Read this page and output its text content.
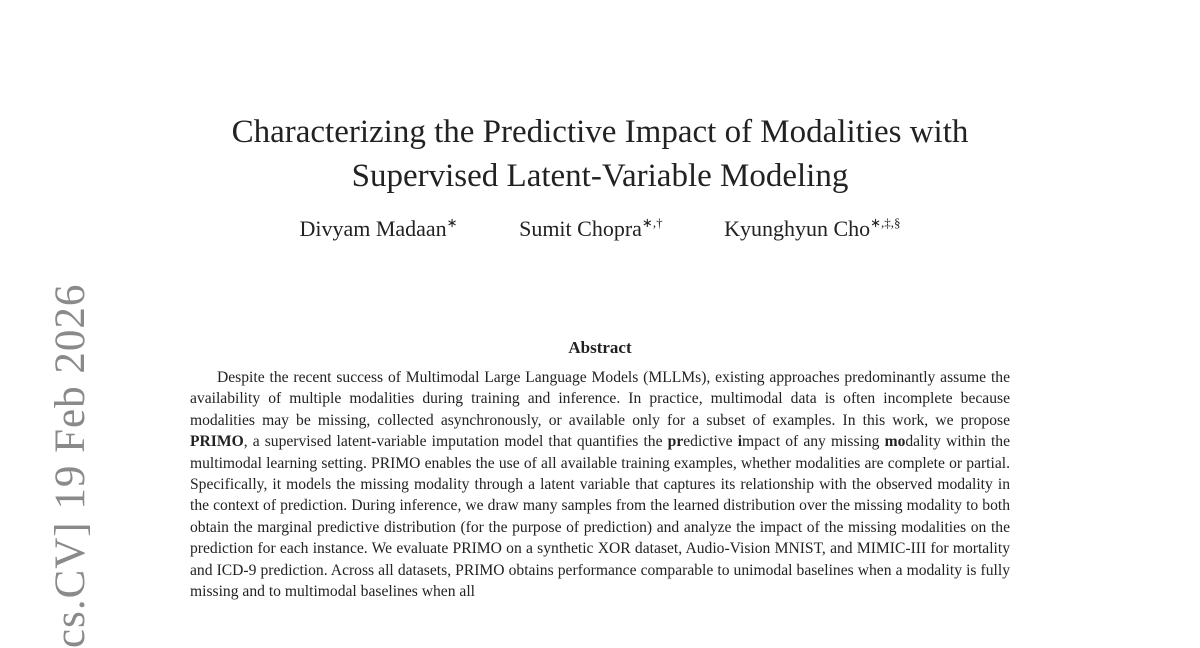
cs.CV] 19 Feb 2026
Characterizing the Predictive Impact of Modalities with
Supervised Latent-Variable Modeling
Divyam Madaan∗	Sumit Chopra∗,†	Kyunghyun Cho∗,‡,§
Abstract
Despite the recent success of Multimodal Large Language Models (MLLMs), existing approaches predominantly assume the availability of multiple modalities during training and inference. In practice, multimodal data is often incomplete because modalities may be missing, collected asynchronously, or available only for a subset of examples. In this work, we propose PRIMO, a supervised latent-variable imputation model that quantifies the predictive impact of any missing modality within the multimodal learning setting. PRIMO enables the use of all available training examples, whether modalities are complete or partial. Specifically, it models the missing modality through a latent variable that captures its relationship with the observed modality in the context of prediction. During inference, we draw many samples from the learned distribution over the missing modality to both obtain the marginal predictive distribution (for the purpose of prediction) and analyze the impact of the missing modalities on the prediction for each instance. We evaluate PRIMO on a synthetic XOR dataset, Audio-Vision MNIST, and MIMIC-III for mortality and ICD-9 prediction. Across all datasets, PRIMO obtains performance comparable to unimodal baselines when a modality is fully missing and to multimodal baselines when all
